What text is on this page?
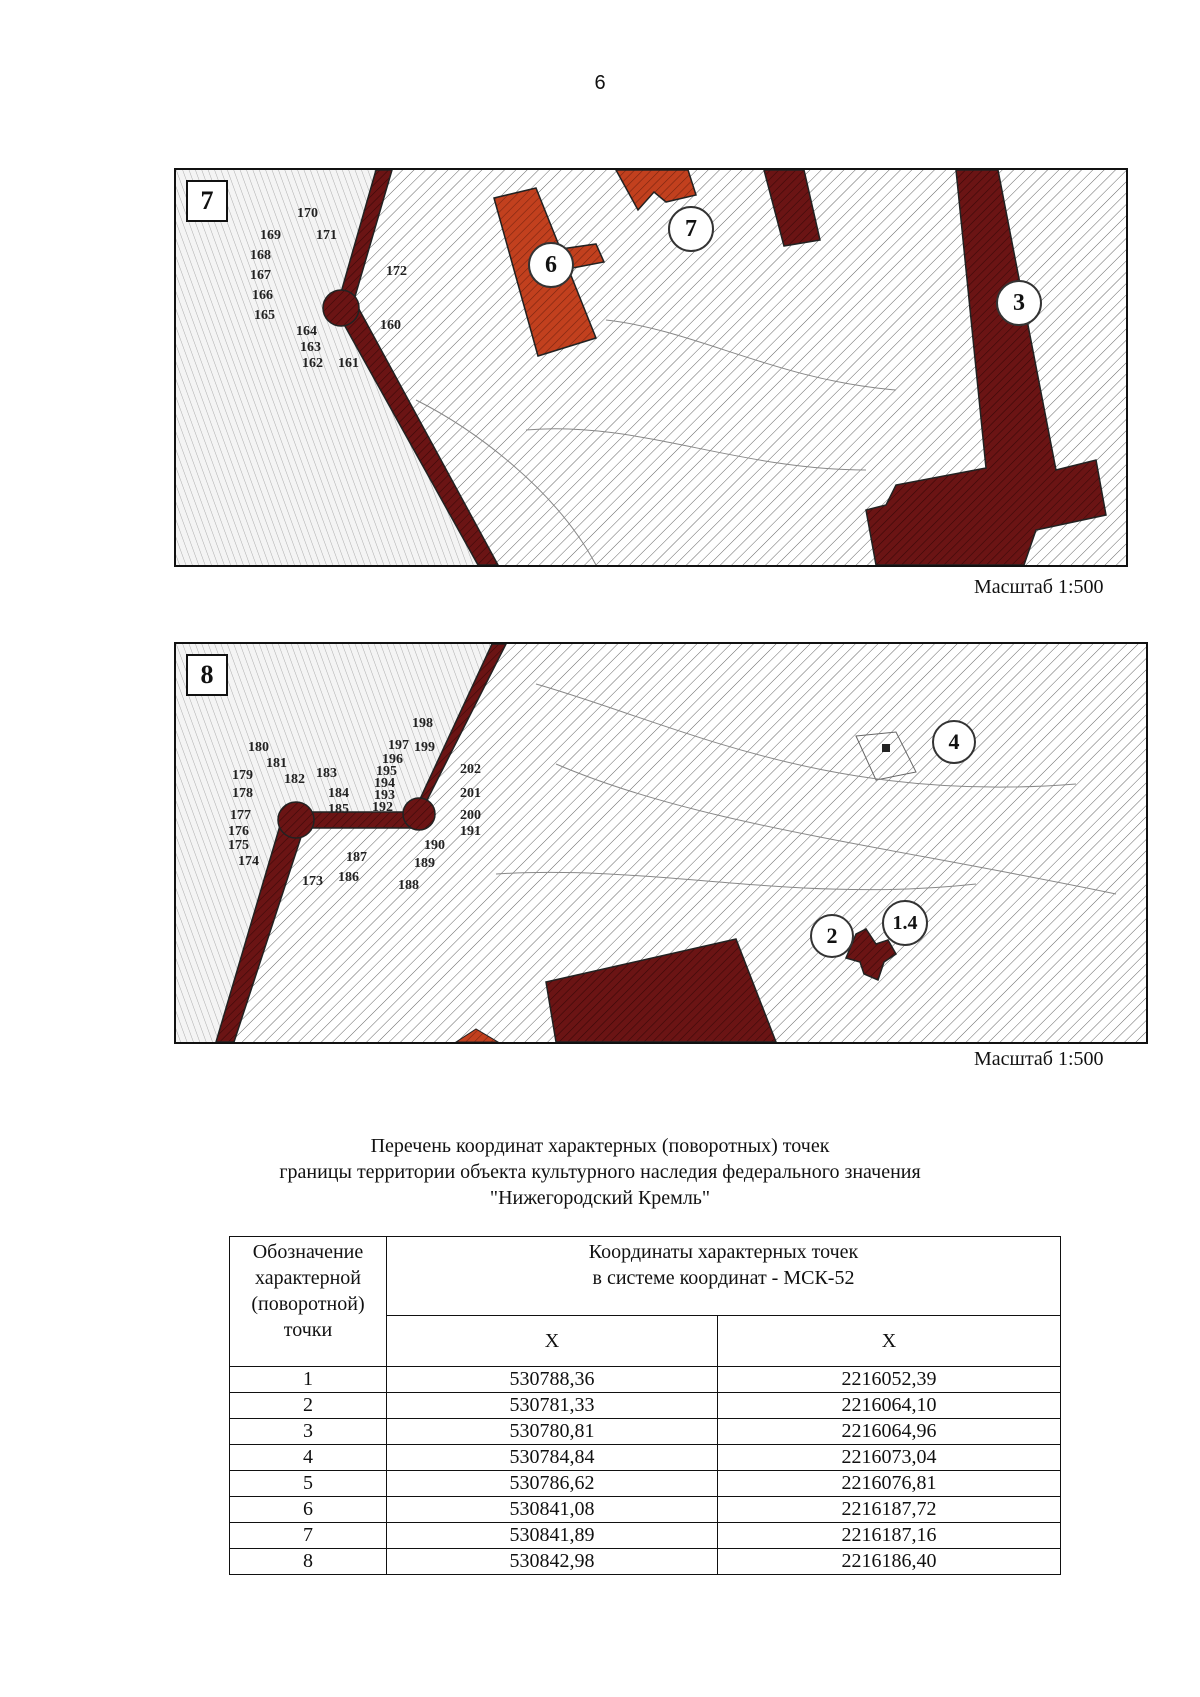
6
7
6
7
3
170
169	171
168
167	172
166
165
164	160
163
162 161
Масштаб 1:500
8
4
2	1.4
198
180	197 199
196
181
195	202
179 182 183
194
178	184 193	201
185 192
177	200
176	191
175	190
174	187	189
173 186
188
Масштаб 1:500
Перечень координат характерных (поворотных) точек
границы территории объекта культурного наследия федерального значения
"Нижегородский Кремль"
Обозначение характерной (поворотной) точки	Координаты характерных точек
в системе координат - МСК-52	

	X	X
1	530788,36	2216052,39
2	530781,33	2216064,10
3	530780,81	2216064,96
4	530784,84	2216073,04
5	530786,62	2216076,81
6	530841,08	2216187,72
7	530841,89	2216187,16
8	530842,98	2216186,40
